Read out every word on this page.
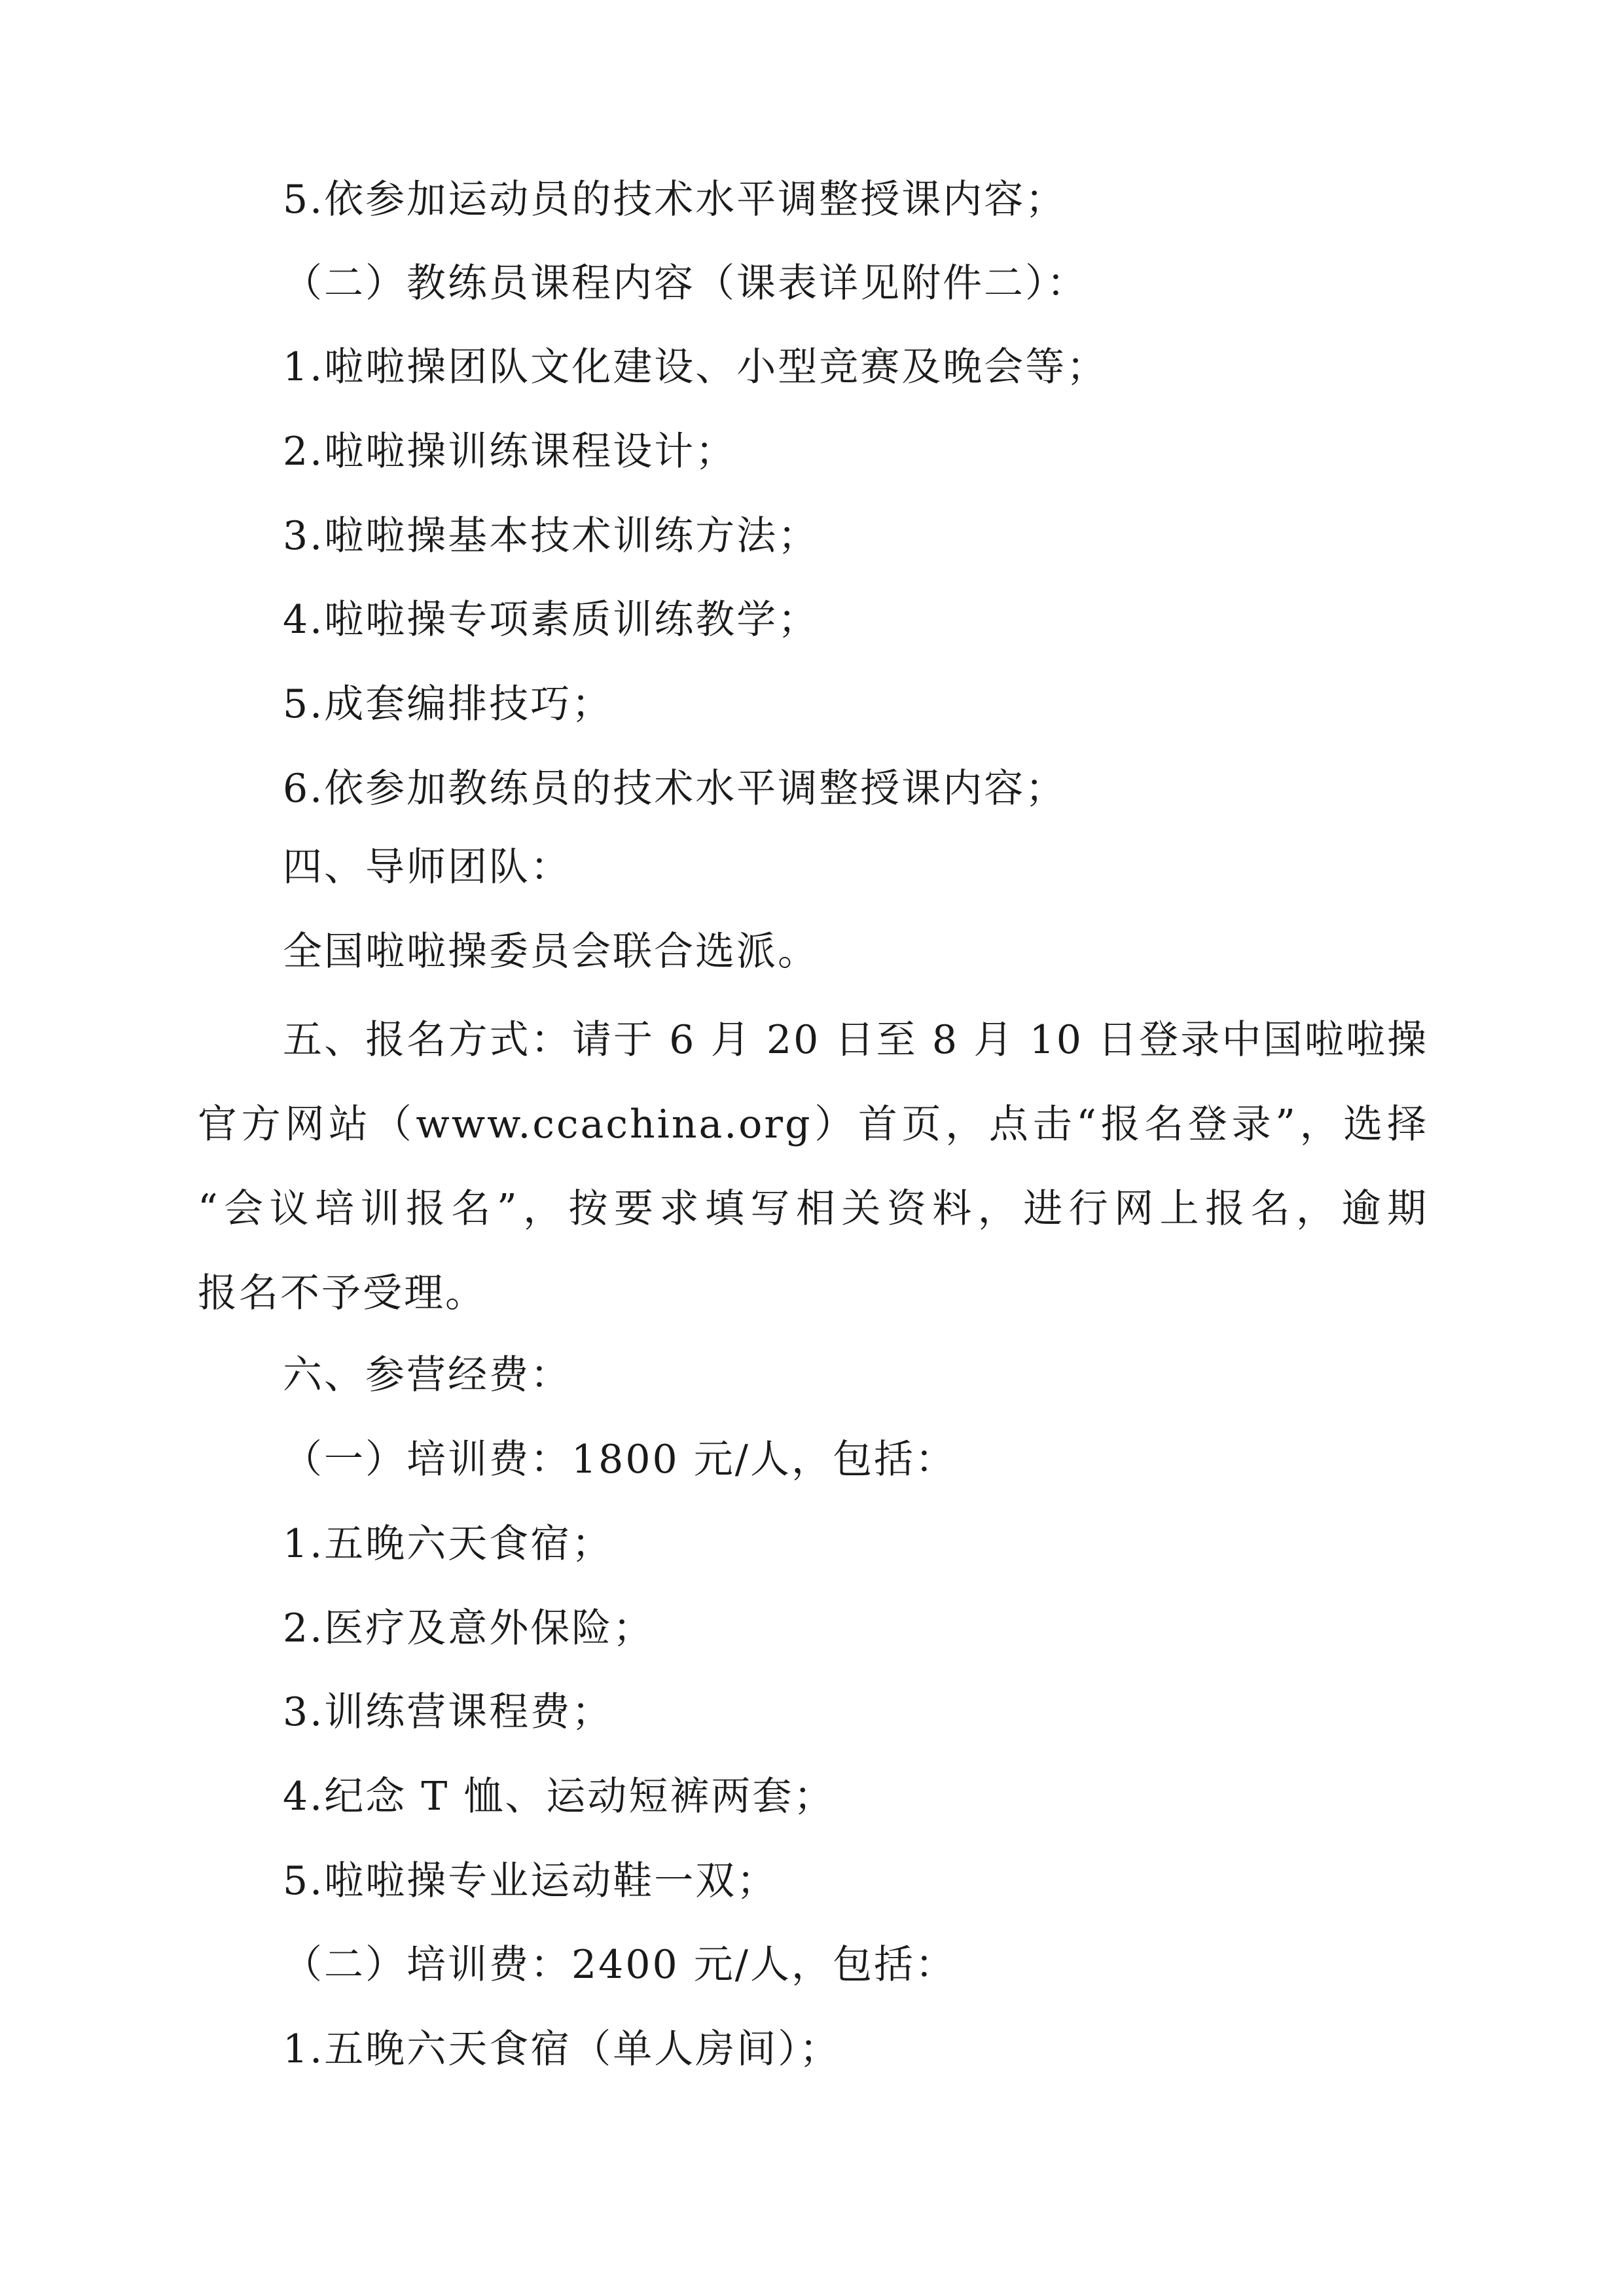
5.依参加运动员的技术水平调整授课内容；
（二）教练员课程内容（课表详见附件二）：
1.啦啦操团队文化建设、小型竞赛及晚会等；
2.啦啦操训练课程设计；
3.啦啦操基本技术训练方法；
4.啦啦操专项素质训练教学；
5.成套编排技巧；
6.依参加教练员的技术水平调整授课内容；
四、导师团队：
全国啦啦操委员会联合选派。
五、报名方式：请于 6 月 20 日至 8 月 10 日登录中国啦啦操
官方网站（www.ccachina.org）首页，点击“报名登录”，选择
“会议培训报名”，按要求填写相关资料，进行网上报名，逾期
报名不予受理。
六、参营经费：
（一）培训费：1800 元/人，包括：
1.五晚六天食宿；
2.医疗及意外保险；
3.训练营课程费；
4.纪念 T 恤、运动短裤两套；
5.啦啦操专业运动鞋一双；
（二）培训费：2400 元/人，包括：
1.五晚六天食宿（单人房间）；
